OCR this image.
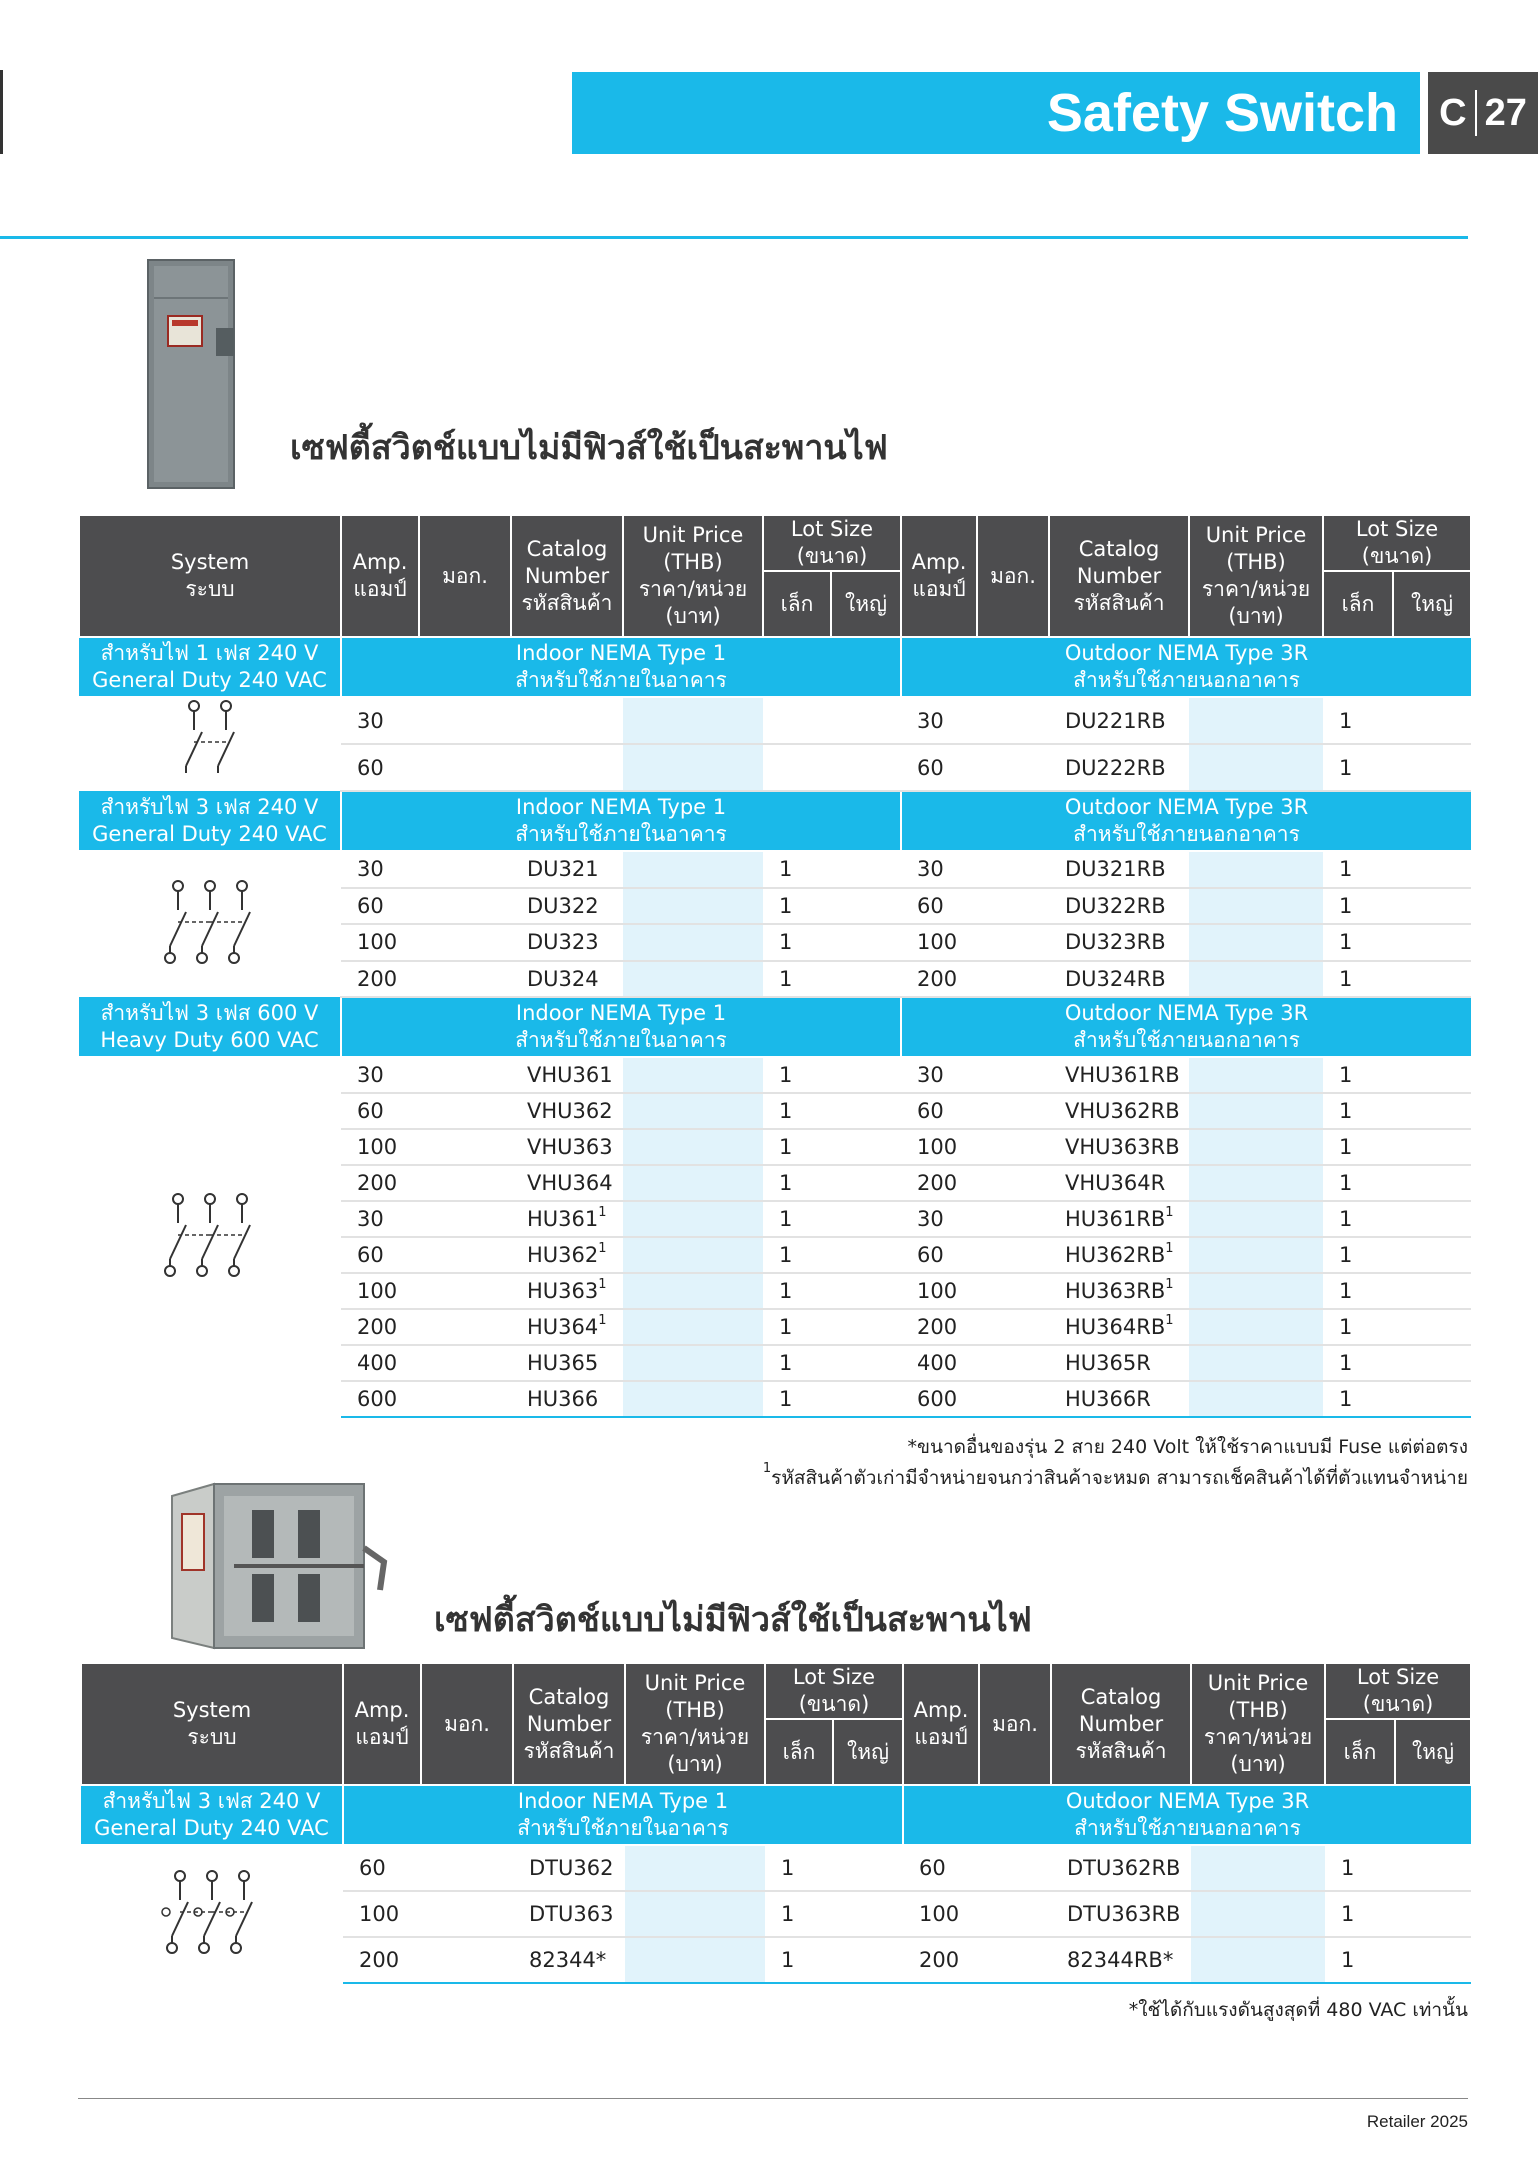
Safety Switch C 27
เซฟตี้สวิตช์แบบไม่มีฟิวส์ใช้เป็นสะพานไฟ
System
ระบบ	Amp.
แอมป์	มอก.	Catalog
Number
รหัสสินค้า	Unit Price
(THB)
ราคา/หน่วย
(บาท)	Lot Size
(ขนาด)		Amp.
แอมป์	มอก.	Catalog
Number
รหัสสินค้า	Unit Price
(THB)
ราคา/หน่วย
(บาท)	Lot Size
(ขนาด)	
					เล็ก	ใหญ่					เล็ก	ใหญ่
สำหรับไฟ 1 เฟส 240 V
General Duty 240 VAC	Indoor NEMA Type 1
สำหรับใช้ภายในอาคาร						Outdoor NEMA Type 3R
สำหรับใช้ภายนอกอาคาร					
	30						30		DU221RB		1	
	60						60		DU222RB		1	
สำหรับไฟ 3 เฟส 240 V
General Duty 240 VAC	Indoor NEMA Type 1
สำหรับใช้ภายในอาคาร						Outdoor NEMA Type 3R
สำหรับใช้ภายนอกอาคาร					
	30		DU321		1		30		DU321RB		1	
	60		DU322		1		60		DU322RB		1	
	100		DU323		1		100		DU323RB		1	
	200		DU324		1		200		DU324RB		1	
สำหรับไฟ 3 เฟส 600 V
Heavy Duty 600 VAC	Indoor NEMA Type 1
สำหรับใช้ภายในอาคาร						Outdoor NEMA Type 3R
สำหรับใช้ภายนอกอาคาร					
	30		VHU361		1		30		VHU361RB		1	
	60		VHU362		1		60		VHU362RB		1	
	100		VHU363		1		100		VHU363RB		1	
	200		VHU364		1		200		VHU364R		1	
	30		$HU361^1$		1		30		$HU361RB^1$		1	
	60		$HU362^1$		1		60		$HU362RB^1$		1	
	100		$HU363^1$		1		100		$HU363RB^1$		1	
	200		$HU364^1$		1		200		$HU364RB^1$		1	
	400		HU365		1		400		HU365R		1	
	600		HU366		1		600		HU366R		1	
*ขนาดอื่นของรุ่น 2 สาย 240 Volt ให้ใช้ราคาแบบมี Fuse แต่ต่อตรง
$^1$รหัสสินค้าตัวเก่ามีจำหน่ายจนกว่าสินค้าจะหมด สามารถเช็คสินค้าได้ที่ตัวแทนจำหน่าย
เซฟตี้สวิตช์แบบไม่มีฟิวส์ใช้เป็นสะพานไฟ
System
ระบบ	Amp.
แอมป์	มอก.	Catalog
Number
รหัสสินค้า	Unit Price
(THB)
ราคา/หน่วย
(บาท)	Lot Size
(ขนาด)		Amp.
แอมป์	มอก.	Catalog
Number
รหัสสินค้า	Unit Price
(THB)
ราคา/หน่วย
(บาท)	Lot Size
(ขนาด)	
					เล็ก	ใหญ่					เล็ก	ใหญ่
สำหรับไฟ 3 เฟส 240 V
General Duty 240 VAC	Indoor NEMA Type 1
สำหรับใช้ภายในอาคาร						Outdoor NEMA Type 3R
สำหรับใช้ภายนอกอาคาร					
	60		DTU362		1		60		DTU362RB		1	
	100		DTU363		1		100		DTU363RB		1	
	200		82344*		1		200		82344RB*		1	
*ใช้ได้กับแรงดันสูงสุดที่ 480 VAC เท่านั้น
Retailer 2025
